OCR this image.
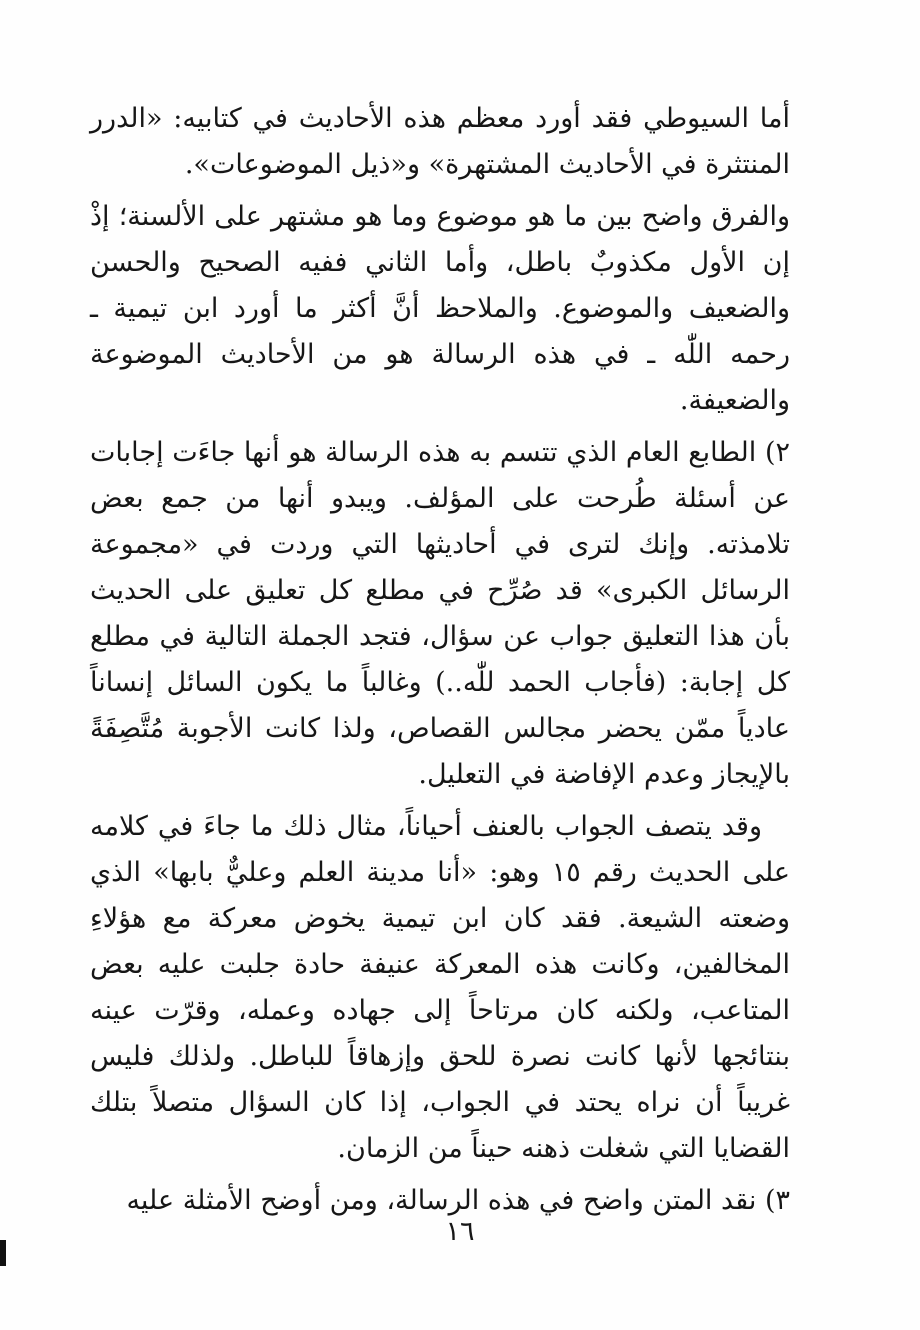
أما السيوطي فقد أورد معظم هذه الأحاديث في كتابيه: «الدرر المنتثرة في الأحاديث المشتهرة» و«ذيل الموضوعات».

والفرق واضح بين ما هو موضوع وما هو مشتهر على الألسنة؛ إذْ إن الأول مكذوبٌ باطل، وأما الثاني ففيه الصحيح والحسن والضعيف والموضوع. والملاحظ أنَّ أكثر ما أورد ابن تيمية ـ رحمه اللّٰه ـ في هذه الرسالة هو من الأحاديث الموضوعة والضعيفة.

٢) الطابع العام الذي تتسم به هذه الرسالة هو أنها جاءَت إجابات عن أسئلة طُرحت على المؤلف. ويبدو أنها من جمع بعض تلامذته. وإنك لترى في أحاديثها التي وردت في «مجموعة الرسائل الكبرى» قد صُرِّح في مطلع كل تعليق على الحديث بأن هذا التعليق جواب عن سؤال، فتجد الجملة التالية في مطلع كل إجابة: (فأجاب الحمد للّٰه..) وغالباً ما يكون السائل إنساناً عادياً ممّن يحضر مجالس القصاص، ولذا كانت الأجوبة مُتَّصِفَةً بالإيجاز وعدم الإفاضة في التعليل.

وقد يتصف الجواب بالعنف أحياناً، مثال ذلك ما جاءَ في كلامه على الحديث رقم ١٥ وهو: «أنا مدينة العلم وعليٌّ بابها» الذي وضعته الشيعة. فقد كان ابن تيمية يخوض معركة مع هؤلاءِ المخالفين، وكانت هذه المعركة عنيفة حادة جلبت عليه بعض المتاعب، ولكنه كان مرتاحاً إلى جهاده وعمله، وقرّت عينه بنتائجها لأنها كانت نصرة للحق وإزهاقاً للباطل. ولذلك فليس غريباً أن نراه يحتد في الجواب، إذا كان السؤال متصلاً بتلك القضايا التي شغلت ذهنه حيناً من الزمان.

٣) نقد المتن واضح في هذه الرسالة، ومن أوضح الأمثلة عليه

١٦
